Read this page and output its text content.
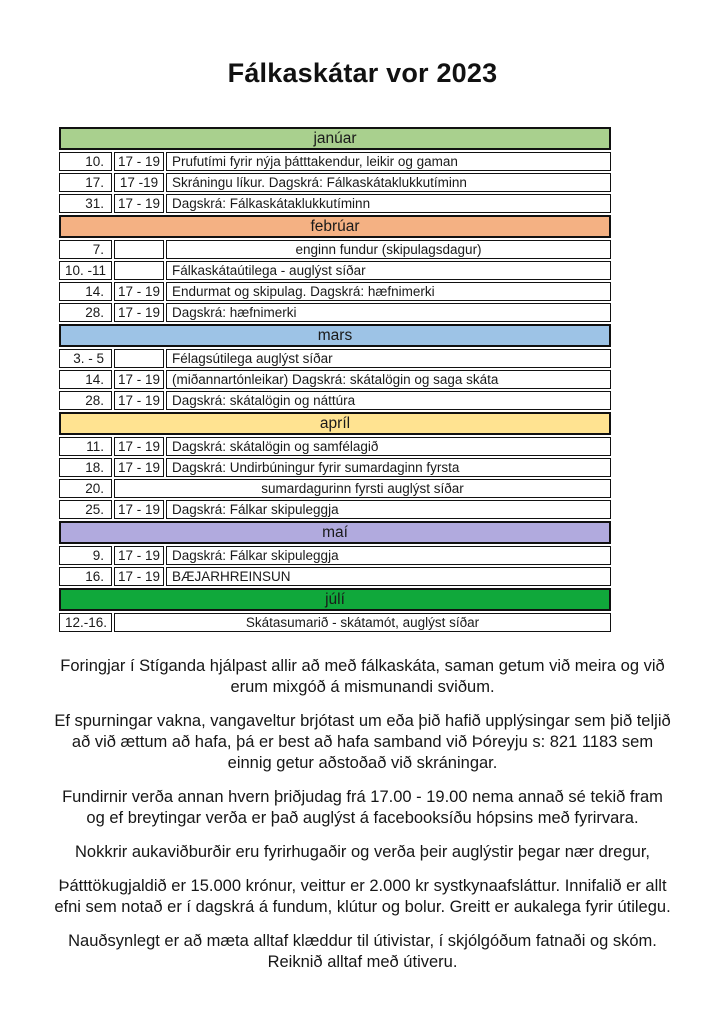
Fálkaskátar vor 2023
janúar		
10.	17 - 19	Prufutími fyrir nýja þátttakendur, leikir og gaman
17.	17 -19	Skráningu líkur. Dagskrá: Fálkaskátaklukkutíminn
31.	17 - 19	Dagskrá: Fálkaskátaklukkutíminn
febrúar		
7.		enginn fundur (skipulagsdagur)
10. -11		Fálkaskátaútilega - auglýst síðar
14.	17 - 19	Endurmat og skipulag. Dagskrá: hæfnimerki
28.	17 - 19	Dagskrá: hæfnimerki
mars		
3. - 5		Félagsútilega auglýst síðar
14.	17 - 19	(miðannartónleikar) Dagskrá: skátalögin og saga skáta
28.	17 - 19	Dagskrá: skátalögin og náttúra
apríl		
11.	17 - 19	Dagskrá: skátalögin og samfélagið
18.	17 - 19	Dagskrá: Undirbúningur fyrir sumardaginn fyrsta
20.	sumardagurinn fyrsti auglýst síðar	
25.	17 - 19	Dagskrá: Fálkar skipuleggja
maí		
9.	17 - 19	Dagskrá: Fálkar skipuleggja
16.	17 - 19	BÆJARHREINSUN
júlí		
12.-16.	Skátasumarið - skátamót, auglýst síðar	

Foringjar í Stíganda hjálpast allir að með fálkaskáta, saman getum við meira og við erum mixgóð á mismunandi sviðum.

Ef spurningar vakna, vangaveltur brjótast um eða þið hafið upplýsingar sem þið teljið að við ættum að hafa, þá er best að hafa samband við Þóreyju s: 821 1183 sem einnig getur aðstoðað við skráningar.

Fundirnir verða annan hvern þriðjudag frá 17.00 - 19.00 nema annað sé tekið fram og ef breytingar verða er það auglýst á facebooksíðu hópsins með fyrirvara.

Nokkrir aukaviðburðir eru fyrirhugaðir og verða þeir auglýstir þegar nær dregur,

Þátttökugjaldið er 15.000 krónur, veittur er 2.000 kr systkynaafsláttur. Innifalið er allt efni sem notað er í dagskrá á fundum, klútur og bolur. Greitt er aukalega fyrir útilegu.

Nauðsynlegt er að mæta alltaf klæddur til útivistar, í skjólgóðum fatnaði og skóm. Reiknið alltaf með útiveru.
